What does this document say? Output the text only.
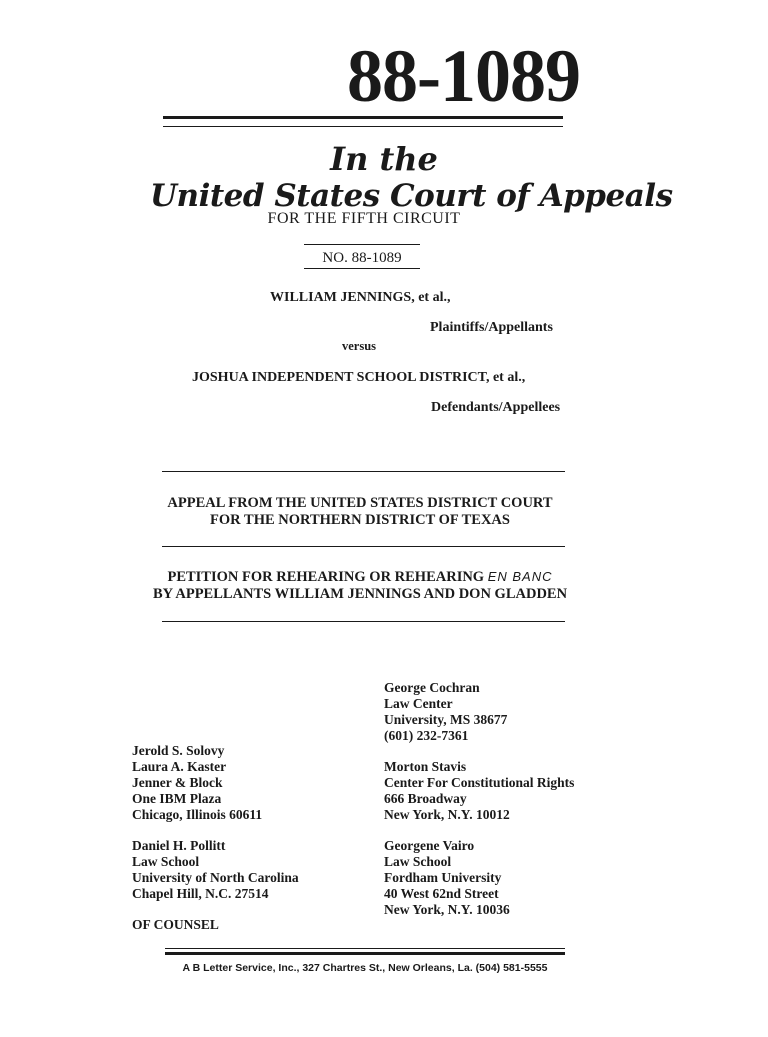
88-1089
In the
United States Court of Appeals
FOR THE FIFTH CIRCUIT
NO. 88-1089
WILLIAM JENNINGS, et al.,
Plaintiffs/Appellants
versus
JOSHUA INDEPENDENT SCHOOL DISTRICT, et al.,
Defendants/Appellees
APPEAL FROM THE UNITED STATES DISTRICT COURT
FOR THE NORTHERN DISTRICT OF TEXAS
PETITION FOR REHEARING OR REHEARING EN BANC
BY APPELLANTS WILLIAM JENNINGS AND DON GLADDEN
George Cochran
Law Center
University, MS 38677
(601) 232-7361
Jerold S. Solovy
Laura A. Kaster
Jenner & Block
One IBM Plaza
Chicago, Illinois 60611
Morton Stavis
Center For Constitutional Rights
666 Broadway
New York, N.Y. 10012
Daniel H. Pollitt
Law School
University of North Carolina
Chapel Hill, N.C. 27514
Georgene Vairo
Law School
Fordham University
40 West 62nd Street
New York, N.Y. 10036
OF COUNSEL
A B Letter Service, Inc., 327 Chartres St., New Orleans, La. (504) 581-5555
